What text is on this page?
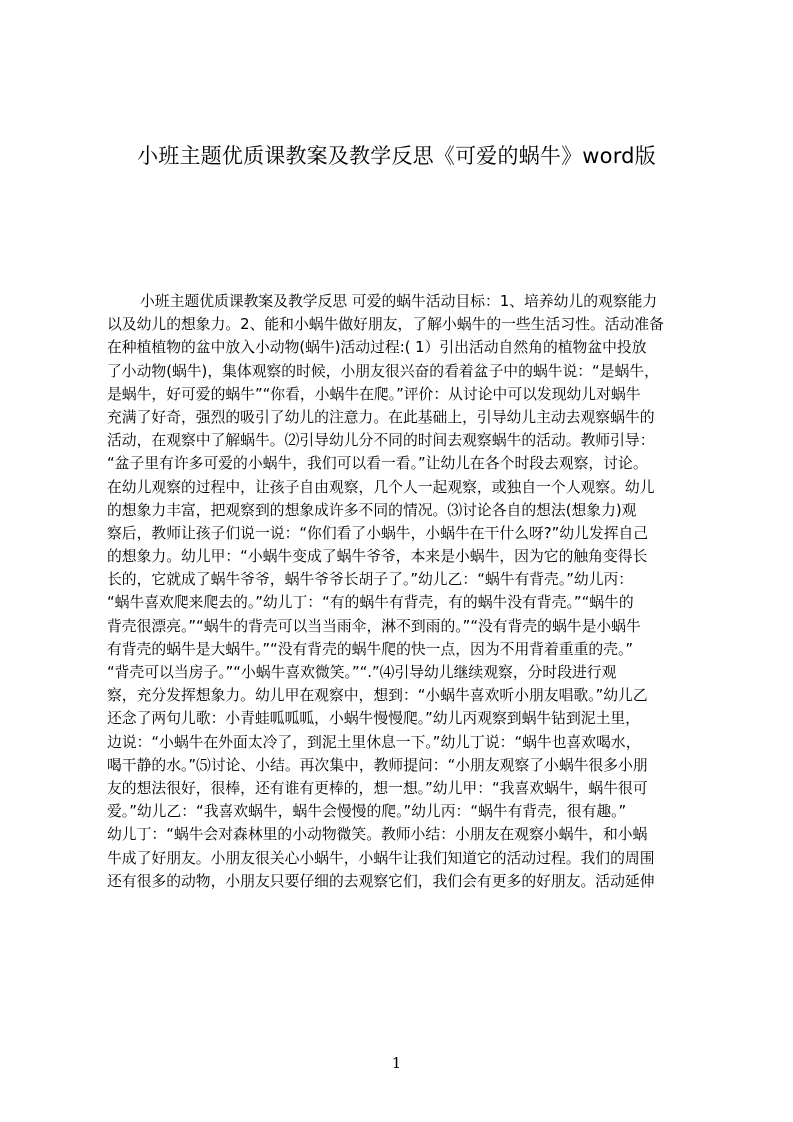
小班主题优质课教案及教学反思《可爱的蜗牛》word版
小班主题优质课教案及教学反思 可爱的蜗牛活动目标：1、培养幼儿的观察能力
以及幼儿的想象力。2、能和小蜗牛做好朋友，了解小蜗牛的一些生活习性。活动准备
在种植植物的盆中放入小动物(蜗牛)活动过程:( 1）引出活动自然角的植物盆中投放
了小动物(蜗牛)，集体观察的时候，小朋友很兴奋的看着盆子中的蜗牛说：“是蜗牛，
是蜗牛，好可爱的蜗牛”“你看，小蜗牛在爬。”评价：从讨论中可以发现幼儿对蜗牛
充满了好奇，强烈的吸引了幼儿的注意力。在此基础上，引导幼儿主动去观察蜗牛的
活动，在观察中了解蜗牛。⑵引导幼儿分不同的时间去观察蜗牛的活动。教师引导：
“盆子里有许多可爱的小蜗牛，我们可以看一看。”让幼儿在各个时段去观察，讨论。
在幼儿观察的过程中，让孩子自由观察，几个人一起观察，或独自一个人观察。幼儿
的想象力丰富，把观察到的想象成许多不同的情况。⑶讨论各自的想法(想象力)观
察后，教师让孩子们说一说：“你们看了小蜗牛，小蜗牛在干什么呀?”幼儿发挥自己
的想象力。幼儿甲：“小蜗牛变成了蜗牛爷爷，本来是小蜗牛，因为它的触角变得长
长的，它就成了蜗牛爷爷，蜗牛爷爷长胡子了。”幼儿乙：“蜗牛有背壳。”幼儿丙：
“蜗牛喜欢爬来爬去的。”幼儿丁：“有的蜗牛有背壳，有的蜗牛没有背壳。”“蜗牛的
背壳很漂亮。”“蜗牛的背壳可以当当雨伞，淋不到雨的。”“没有背壳的蜗牛是小蜗牛
有背壳的蜗牛是大蜗牛。”“没有背壳的蜗牛爬的快一点，因为不用背着重重的壳。”
“背壳可以当房子。”“小蜗牛喜欢微笑。”“.”⑷引导幼儿继续观察，分时段进行观
察，充分发挥想象力。幼儿甲在观察中，想到：“小蜗牛喜欢听小朋友唱歌。”幼儿乙
还念了两句儿歌：小青蛙呱呱呱，小蜗牛慢慢爬。”幼儿丙观察到蜗牛钻到泥土里，
边说：“小蜗牛在外面太冷了，到泥土里休息一下。”幼儿丁说：“蜗牛也喜欢喝水，
喝干静的水。”⑸讨论、小结。再次集中，教师提问：“小朋友观察了小蜗牛很多小朋
友的想法很好，很棒，还有谁有更棒的，想一想。”幼儿甲：“我喜欢蜗牛，蜗牛很可
爱。”幼儿乙：“我喜欢蜗牛，蜗牛会慢慢的爬。”幼儿丙：“蜗牛有背壳，很有趣。”
幼儿丁：“蜗牛会对森林里的小动物微笑。教师小结：小朋友在观察小蜗牛，和小蜗
牛成了好朋友。小朋友很关心小蜗牛，小蜗牛让我们知道它的活动过程。我们的周围
还有很多的动物，小朋友只要仔细的去观察它们，我们会有更多的好朋友。活动延伸
1
